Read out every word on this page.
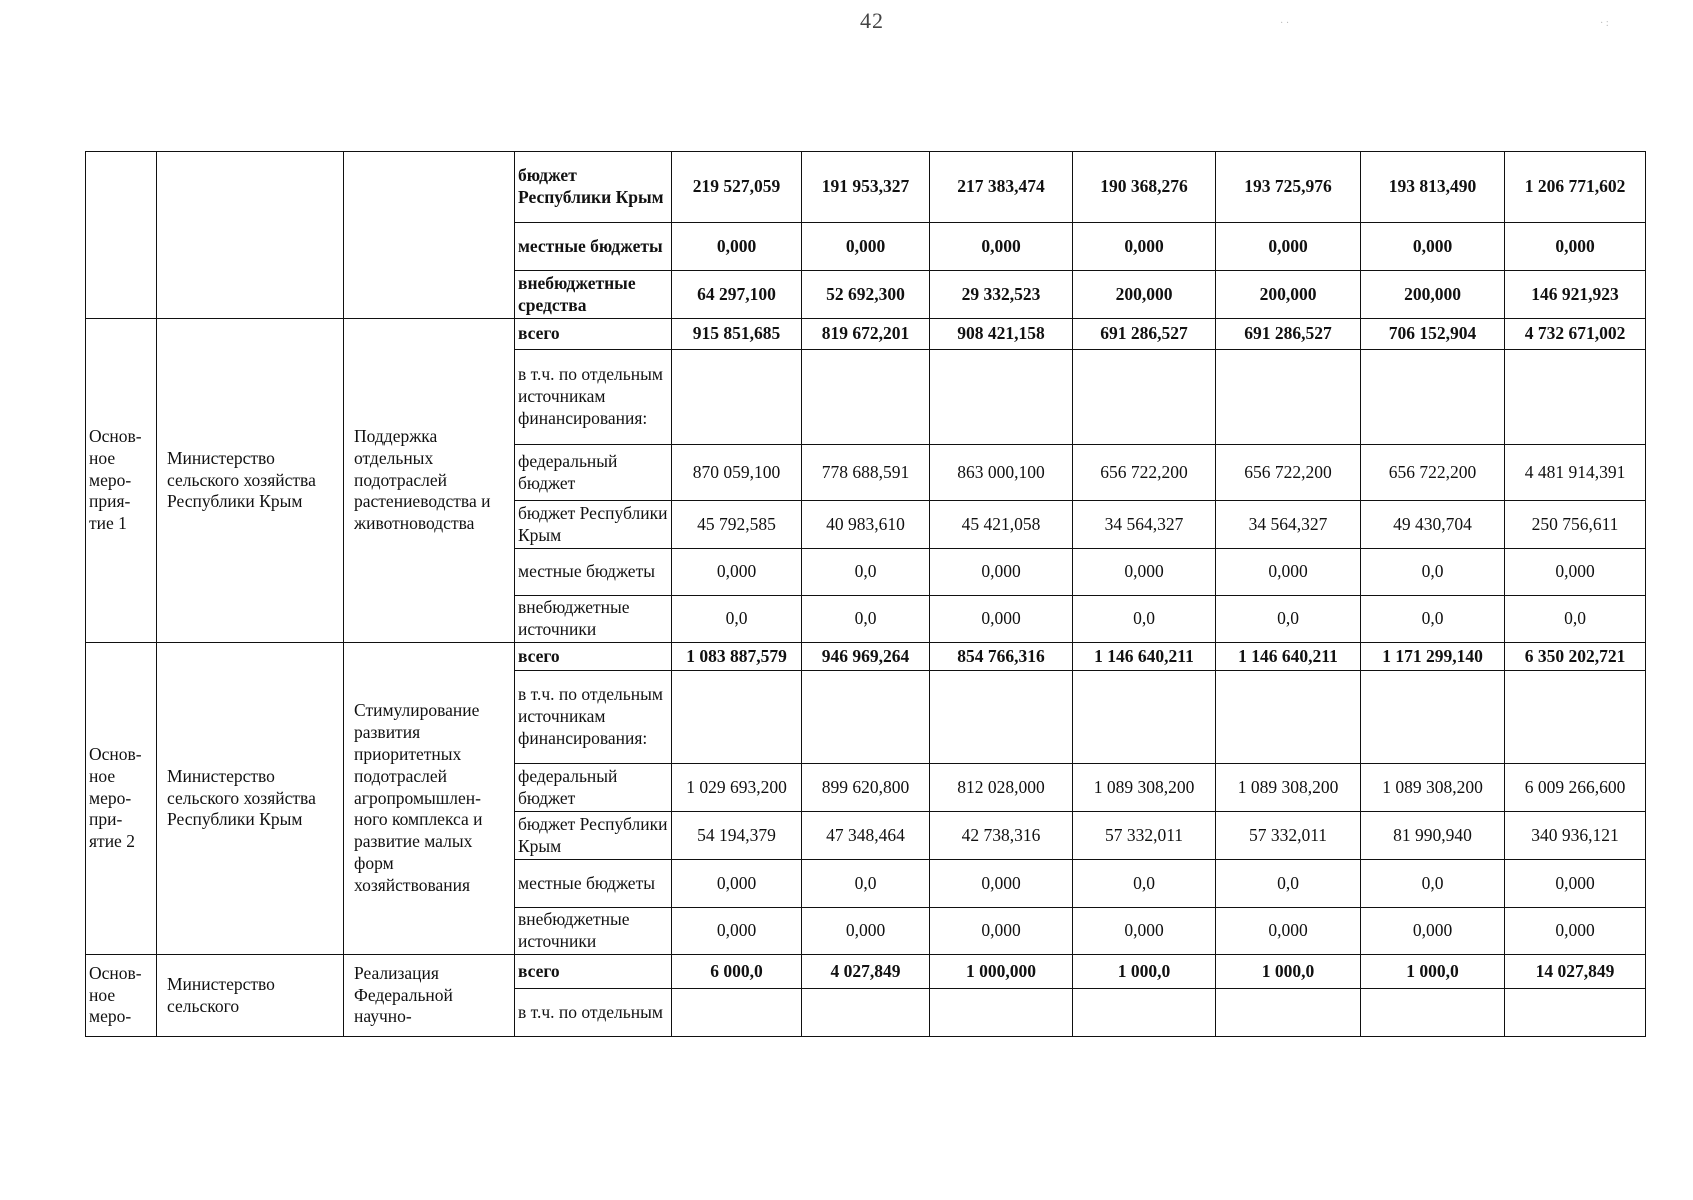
42	· ·	· :
			бюджет Республики Крым	219 527,059	191 953,327	217 383,474	190 368,276	193 725,976	193 813,490	1 206 771,602
			местные бюджеты	0,000	0,000	0,000	0,000	0,000	0,000	0,000
			внебюджетные средства	64 297,100	52 692,300	29 332,523	200,000	200,000	200,000	146 921,923
Основ-ное меро-прия-тие 1	Министерство сельского хозяйства Республики Крым	Поддержка отдельных подотраслей растениеводства и животноводства	всего	915 851,685	819 672,201	908 421,158	691 286,527	691 286,527	706 152,904	4 732 671,002
			в т.ч. по отдельным источникам финансирования:							
			федеральный бюджет	870 059,100	778 688,591	863 000,100	656 722,200	656 722,200	656 722,200	4 481 914,391
			бюджет Республики Крым	45 792,585	40 983,610	45 421,058	34 564,327	34 564,327	49 430,704	250 756,611
			местные бюджеты	0,000	0,0	0,000	0,000	0,000	0,0	0,000
			внебюджетные источники	0,0	0,0	0,000	0,0	0,0	0,0	0,0
Основ-ное меро-при-ятие 2	Министерство сельского хозяйства Республики Крым	Стимулирование развития приоритетных подотраслей агропромышлен-ного комплекса и развитие малых форм хозяйствования	всего	1 083 887,579	946 969,264	854 766,316	1 146 640,211	1 146 640,211	1 171 299,140	6 350 202,721
			в т.ч. по отдельным источникам финансирования:							
			федеральный бюджет	1 029 693,200	899 620,800	812 028,000	1 089 308,200	1 089 308,200	1 089 308,200	6 009 266,600
			бюджет Республики Крым	54 194,379	47 348,464	42 738,316	57 332,011	57 332,011	81 990,940	340 936,121
			местные бюджеты	0,000	0,0	0,000	0,0	0,0	0,0	0,000
			внебюджетные источники	0,000	0,000	0,000	0,000	0,000	0,000	0,000
Основ-ное меро-	Министерство сельского	Реализация Федеральной научно-	всего	6 000,0	4 027,849	1 000,000	1 000,0	1 000,0	1 000,0	14 027,849
			в т.ч. по отдельным							
